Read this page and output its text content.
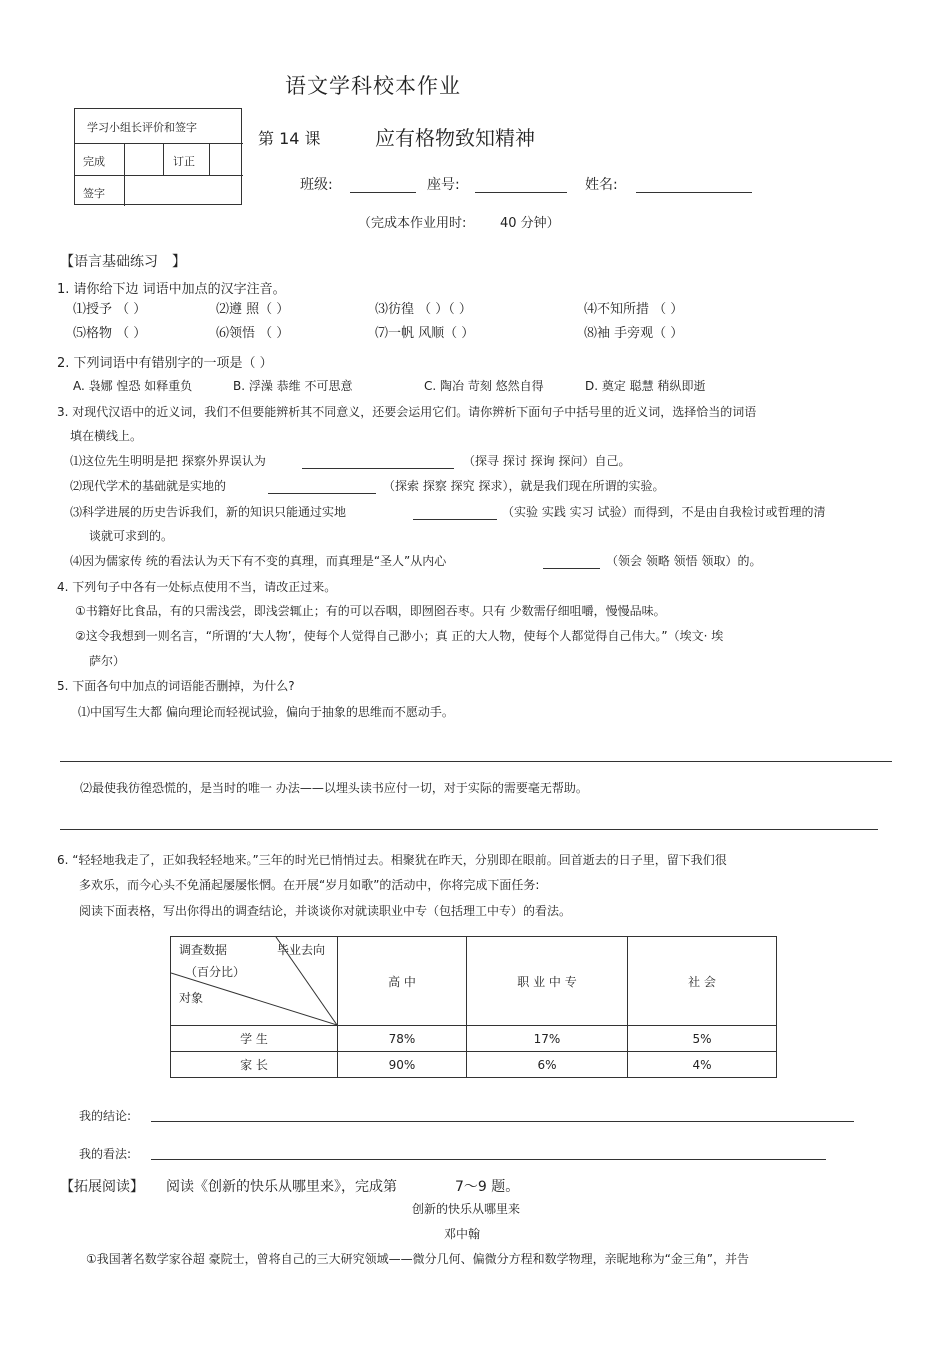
语文学科校本作业
学习小组长评价和签字
完成	订正
签字
第 14 课	应有格物致知精神
班级:	座号:	姓名:
（完成本作业用时:	40 分钟）
【语言基础练习 】
1. 请你给下边 词语中加点的汉字注音。
⑴授予 （ ）	⑵遵 照（ ）	⑶彷徨 （ ）（ ）	⑷不知所措 （ ）
⑸格物 （ ）	⑹领悟 （ ）	⑺一帆 风顺（ ）	⑻袖 手旁观（ ）
2. 下列词语中有错别字的一项是（ ）
A. 袅娜 惶恐 如释重负	B. 浮澡 恭维 不可思意	C. 陶冶 苛刻 悠然自得	D. 奠定 聪慧 稍纵即逝
3. 对现代汉语中的近义词，我们不但要能辨析其不同意义，还要会运用它们。请你辨析下面句子中括号里的近义词，选择恰当的词语
填在横线上。
⑴这位先生明明是把 探察外界误认为	（探寻 探讨 探询 探问）自己。
⑵现代学术的基础就是实地的	（探索 探察 探究 探求），就是我们现在所谓的实验。
⑶科学进展的历史告诉我们，新的知识只能通过实地	（实验 实践 实习 试验）而得到，不是由自我检讨或哲理的清
谈就可求到的。
⑷因为儒家传 统的看法认为天下有不变的真理，而真理是“圣人”从内心	（领会 领略 领悟 领取）的。
4. 下列句子中各有一处标点使用不当，请改正过来。
①书籍好比食品，有的只需浅尝，即浅尝辄止；有的可以吞咽，即囫囵吞枣。只有 少数需仔细咀嚼，慢慢品味。
②这令我想到一则名言，“所谓的‘大人物’，使每个人觉得自己渺小；真 正的大人物，使每个人都觉得自己伟大。”（埃文· 埃
萨尔）
5. 下面各句中加点的词语能否删掉，为什么?
⑴中国写生大都 偏向理论而轻视试验，偏向于抽象的思维而不愿动手。
⑵最使我彷徨恐慌的，是当时的唯一 办法——以埋头读书应付一切，对于实际的需要毫无帮助。
6. “轻轻地我走了，正如我轻轻地来。”三年的时光已悄悄过去。相聚犹在昨天，分别即在眼前。回首逝去的日子里，留下我们很
多欢乐，而今心头不免涌起屡屡怅惘。在开展“岁月如歌”的活动中，你将完成下面任务:
阅读下面表格，写出你得出的调查结论，并谈谈你对就读职业中专（包括理工中专）的看法。
调查数据 毕业去向
（百分比）
对象	高 中	职 业 中 专	社 会
学 生	78%	17%	5%
家 长	90%	6%	4%
我的结论:
我的看法:
【拓展阅读】 阅读《创新的快乐从哪里来》，完成第	7～9 题。
创新的快乐从哪里来
邓中翰
①我国著名数学家谷超 豪院士，曾将自己的三大研究领域——微分几何、偏微分方程和数学物理，亲昵地称为“金三角”，并告
